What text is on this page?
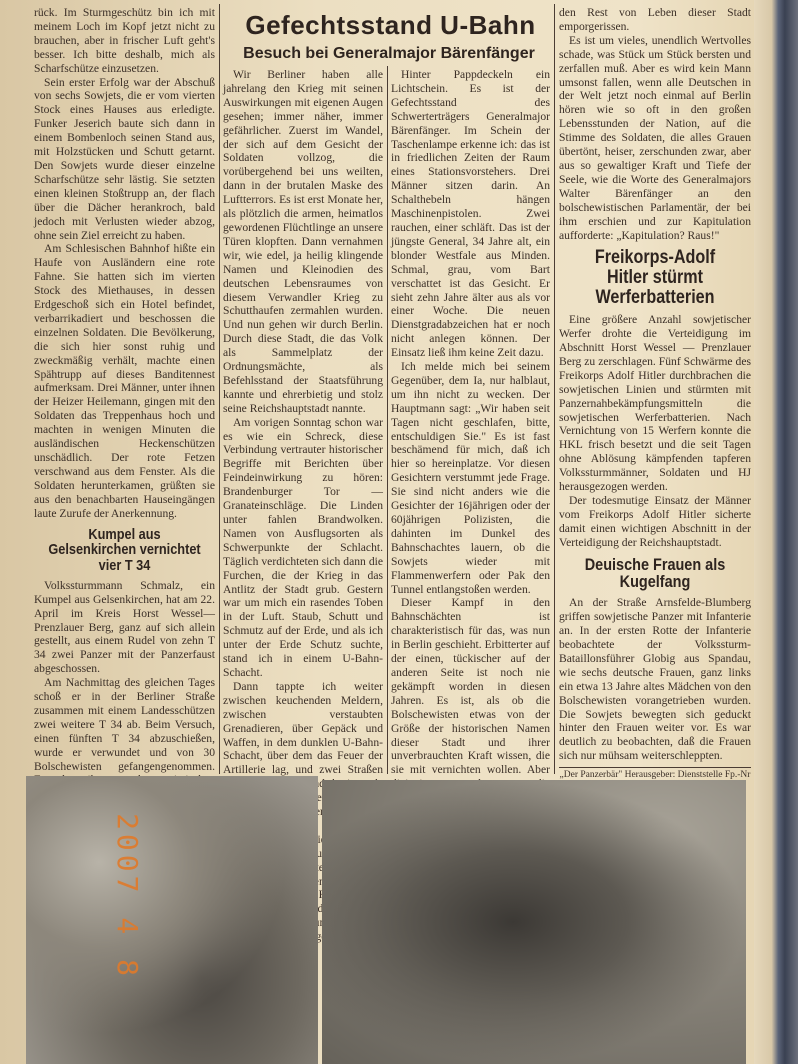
Gefechtsstand U-Bahn
Besuch bei Generalmajor Bärenfänger

rück. Im Sturmgeschütz bin ich mit meinem Loch im Kopf jetzt nicht zu brauchen, aber in frischer Luft geht's besser. Ich bitte deshalb, mich als Scharfschütze einzusetzen.

Sein erster Erfolg war der Abschuß von sechs Sowjets, die er vom vierten Stock eines Hauses aus erledigte. Funker Jeserich baute sich dann in einem Bombenloch seinen Stand aus, mit Holzstücken und Schutt getarnt. Den Sowjets wurde dieser einzelne Scharfschütze sehr lästig. Sie setzten einen kleinen Stoßtrupp an, der flach über die Dächer herankroch, bald jedoch mit Verlusten wieder abzog, ohne sein Ziel erreicht zu haben.

Am Schlesischen Bahnhof hißte ein Haufe von Ausländern eine rote Fahne. Sie hatten sich im vierten Stock des Miethauses, in dessen Erdgeschoß sich ein Hotel befindet, verbarrikadiert und beschossen die einzelnen Soldaten. Die Bevölkerung, die sich hier sonst ruhig und zweckmäßig verhält, machte einen Spähtrupp auf dieses Banditennest aufmerksam. Drei Männer, unter ihnen der Heizer Heilemann, gingen mit den Soldaten das Treppenhaus hoch und machten in wenigen Minuten die ausländischen Heckenschützen unschädlich. Der rote Fetzen verschwand aus dem Fenster. Als die Soldaten herunterkamen, grüßten sie aus den benachbarten Hauseingängen laute Zurufe der Anerkennung.

Kumpel aus Gelsenkirchen vernichtet vier T 34

Volkssturmmann Schmalz, ein Kumpel aus Gelsenkirchen, hat am 22. April im Kreis Horst Wessel—Prenzlauer Berg, ganz auf sich allein gestellt, aus einem Rudel von zehn T 34 zwei Panzer mit der Panzerfaust abgeschossen.

Am Nachmittag des gleichen Tages schoß er in der Berliner Straße zusammen mit einem Landesschützen zwei weitere T 34 ab. Beim Versuch, einen fünften T 34 abzuschießen, wurde er verwundet und von 30 Bolschewisten gefangengenommen.

Wir Berliner haben alle jahrelang den Krieg mit seinen Auswirkungen mit eigenen Augen gesehen; immer näher, immer gefährlicher. Zuerst im Wandel, der sich auf dem Gesicht der Soldaten vollzog, die vorübergehend bei uns weilten, dann in der brutalen Maske des Luftterrors. Es ist erst Monate her, als plötzlich die armen, heimatlos gewordenen Flüchtlinge an unsere Türen klopften. Dann vernahmen wir, wie edel, ja heilig klingende Namen und Kleinodien des deutschen Lebensraumes von diesem Verwandler Krieg zu Schutthaufen zermahlen wurden. Und nun gehen wir durch Berlin. Durch diese Stadt, die das Volk als Sammelplatz der Ordnungsmächte, als Befehlsstand der Staatsführung kannte und ehrerbietig und stolz seine Reichshauptstadt nannte.

Am vorigen Sonntag schon war es wie ein Schreck, diese Verbindung vertrauter historischer Begriffe mit Berichten über Feindeinwirkung zu hören: Brandenburger Tor — Granateinschläge. Die Linden unter fahlen Brandwolken. Namen von Ausflugsorten als Schwerpunkte der Schlacht. Täglich verdichteten sich dann die Furchen, die der Krieg in das Antlitz der Stadt grub. Gestern war um mich ein rasendes Toben in der Luft. Staub, Schutt und Schmutz auf der Erde, und als ich unter der Erde Schutz suchte, stand ich in einem U-Bahn-Schacht.

Dann tappte ich weiter zwischen keuchenden Meldern, zwischen verstaubten Grenadieren, über Gepäck und Waffen, in dem dunklen U-Bahn-Schacht, über dem das Feuer der Artillerie lag, und zwei Straßen zum

Hinter Pappdeckeln ein Lichtschein. Es ist der Gefechtsstand des Schwerterträgers Generalmajor Bärenfänger. Im Schein der Taschenlampe erkenne ich: das ist in friedlichen Zeiten der Raum eines Stationsvorstehers. Drei Männer sitzen darin. An Schalthebeln hängen Maschinenpistolen. Zwei rauchen, einer schläft. Das ist der jüngste General, 34 Jahre alt, ein blonder Westfale aus Minden. Schmal, grau, vom Bart verschattet ist das Gesicht. Er sieht zehn Jahre älter aus als vor einer Woche. Die neuen Dienstgradabzeichen hat er noch nicht anlegen können. Der Einsatz ließ ihm keine Zeit dazu.

Ich melde mich bei seinem Gegenüber, dem Ia, nur halblaut, um ihn nicht zu wecken. Der Hauptmann sagt: „Wir haben seit Tagen nicht geschlafen, bitte, entschuldigen Sie." Es ist fast beschämend für mich, daß ich hier so hereinplatze. Vor diesen Gesichtern verstummt jede Frage. Sie sind nicht anders wie die Gesichter der 16jährigen oder der 60jährigen Polizisten, die dahinten im Dunkel des Bahnschachtes lauern, ob die Sowjets wieder mit Flammenwerfern oder Pak den Tunnel entlangstoßen werden.

Dieser Kampf in den Bahnschächten ist charakteristisch für das, was nun in Berlin geschieht. Erbitterter auf der einen, tückischer auf der anderen Seite ist noch nie gekämpft worden in diesen Jahren. Es ist, als ob die Bolschewisten etwas von der Größe der historischen Namen dieser Stadt und ihrer unverbrauchten Kraft wissen, die sie mit vernichten wollen. Aber

den Rest von Leben dieser Stadt emporgerissen.

Es ist um vieles, unendlich Wertvolles schade, was Stück um Stück bersten und zerfallen muß. Aber es wird kein Mann umsonst fallen, wenn alle Deutschen in der Welt jetzt noch einmal auf Berlin hören wie so oft in den großen Lebensstunden der Nation, auf die Stimme des Soldaten, die alles Grauen übertönt, heiser, zerschunden zwar, aber aus so gewaltiger Kraft und Tiefe der Seele, wie die Worte des Generalmajors Walter Bärenfänger an den bolschewistischen Parlamentär, der bei ihm erschien und zur Kapitulation aufforderte: „Kapitulation? Raus!"

Freikorps-Adolf Hitler stürmt Werferbatterien

Eine größere Anzahl sowjetischer Werfer drohte die Verteidigung im Abschnitt Horst Wessel — Prenzlauer Berg zu zerschlagen. Fünf Schwärme des Freikorps Adolf Hitler durchbrachen die sowjetischen Linien und stürmten mit Panzernahbekämpfungsmitteln die sowjetischen Werferbatterien. Nach Vernichtung von 15 Werfern konnte die HKL frisch besetzt und die seit Tagen ohne Ablösung kämpfenden tapferen Volkssturmmänner, Soldaten und HJ herausgezogen werden.

Der todesmutige Einsatz der Männer vom Freikorps Adolf Hitler sicherte damit einen wichtigen Abschnitt in der Verteidigung der Reichshauptstadt.

Deuische Frauen als Kugelfang

An der Straße Arnsfelde-Blumberg griffen sowjetische Panzer mit Infanterie an. In der ersten Rotte der Infanterie beobachtete der Volkssturm-Bataillonsführer Globig aus Spandau, wie sechs deutsche Frauen, ganz links ein etwa 13 Jahre altes Mädchen von den Bolschewisten vorangetrieben wurden. Die Sowjets bewegten sich geduckt hinter den Frauen weiter vor. Es war deutlich zu beobachten, daß die Frauen sich nur mühsam weiterschleppten.

„Der Panzerbär" Herausgeber: Dienststelle Fp.-Nr
2007 4 8
